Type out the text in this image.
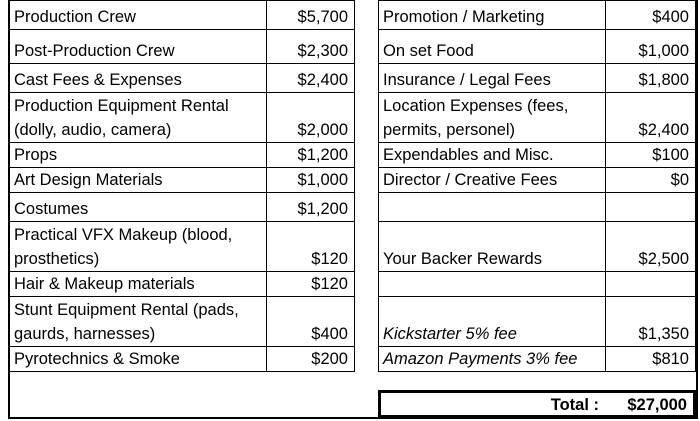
Production Crew	$5,700
Post-Production Crew	$2,300
Cast Fees & Expenses	$2,400

Production Equipment Rental
(dolly, audio, camera)	$2,000
Props	$1,200
Art Design Materials	$1,000
Costumes	$1,200

Practical VFX Makeup (blood,
prosthetics)	$120
Hair & Makeup materials	$120

Stunt Equipment Rental (pads,
gaurds, harnesses)	$400
Pyrotechnics & Smoke	$200
Promotion / Marketing	$400
On set Food	$1,000
Insurance / Legal Fees	$1,800

Location Expenses (fees,
permits, personel)	$2,400
Expendables and Misc.	$100
Director / Creative Fees	$0

Your Backer Rewards	$2,500

Kickstarter 5% fee	$1,350
Amazon Payments 3% fee	$810
Total : $27,000
